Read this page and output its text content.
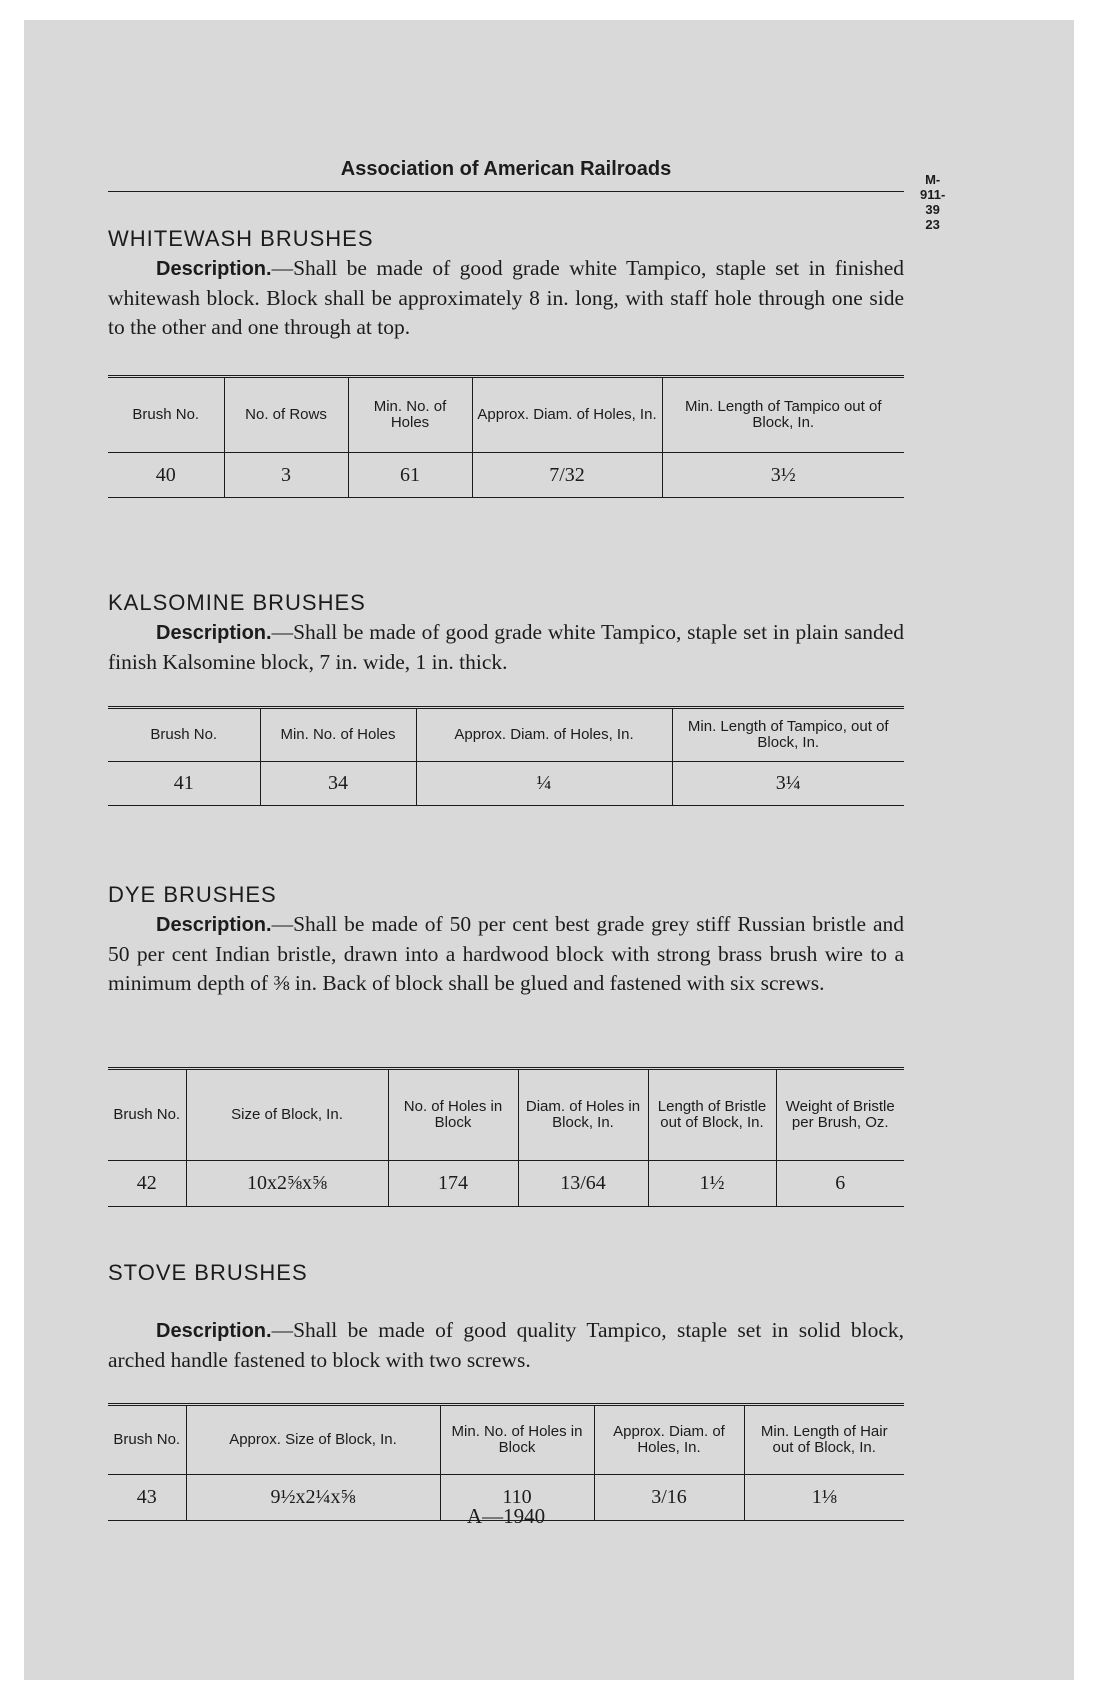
Association of American Railroads	M-911-39
23
WHITEWASH BRUSHES
Description.—Shall be made of good grade white Tampico, staple set in finished whitewash block. Block shall be approximately 8 in. long, with staff hole through one side to the other and one through at top.
Brush No.	No. of Rows	Min. No. of Holes	Approx. Diam. of Holes, In.	Min. Length of Tampico out of Block, In.
40	3	61	7/32	3½
KALSOMINE BRUSHES
Description.—Shall be made of good grade white Tampico, staple set in plain sanded finish Kalsomine block, 7 in. wide, 1 in. thick.
Brush No.	Min. No. of Holes	Approx. Diam. of Holes, In.	Min. Length of Tampico, out of Block, In.
41	34	¼	3¼
DYE BRUSHES
Description.—Shall be made of 50 per cent best grade grey stiff Russian bristle and 50 per cent Indian bristle, drawn into a hardwood block with strong brass brush wire to a minimum depth of ⅜ in. Back of block shall be glued and fastened with six screws.
Brush No.	Size of Block, In.	No. of Holes in Block	Diam. of Holes in Block, In.	Length of Bristle out of Block, In.	Weight of Bristle per Brush, Oz.
42	10x2⅝x⅝	174	13/64	1½	6
STOVE BRUSHES
Description.—Shall be made of good quality Tampico, staple set in solid block, arched handle fastened to block with two screws.
Brush No.	Approx. Size of Block, In.	Min. No. of Holes in Block	Approx. Diam. of Holes, In.	Min. Length of Hair out of Block, In.
43	9½x2¼x⅝	110	3/16	1⅛
A—1940
